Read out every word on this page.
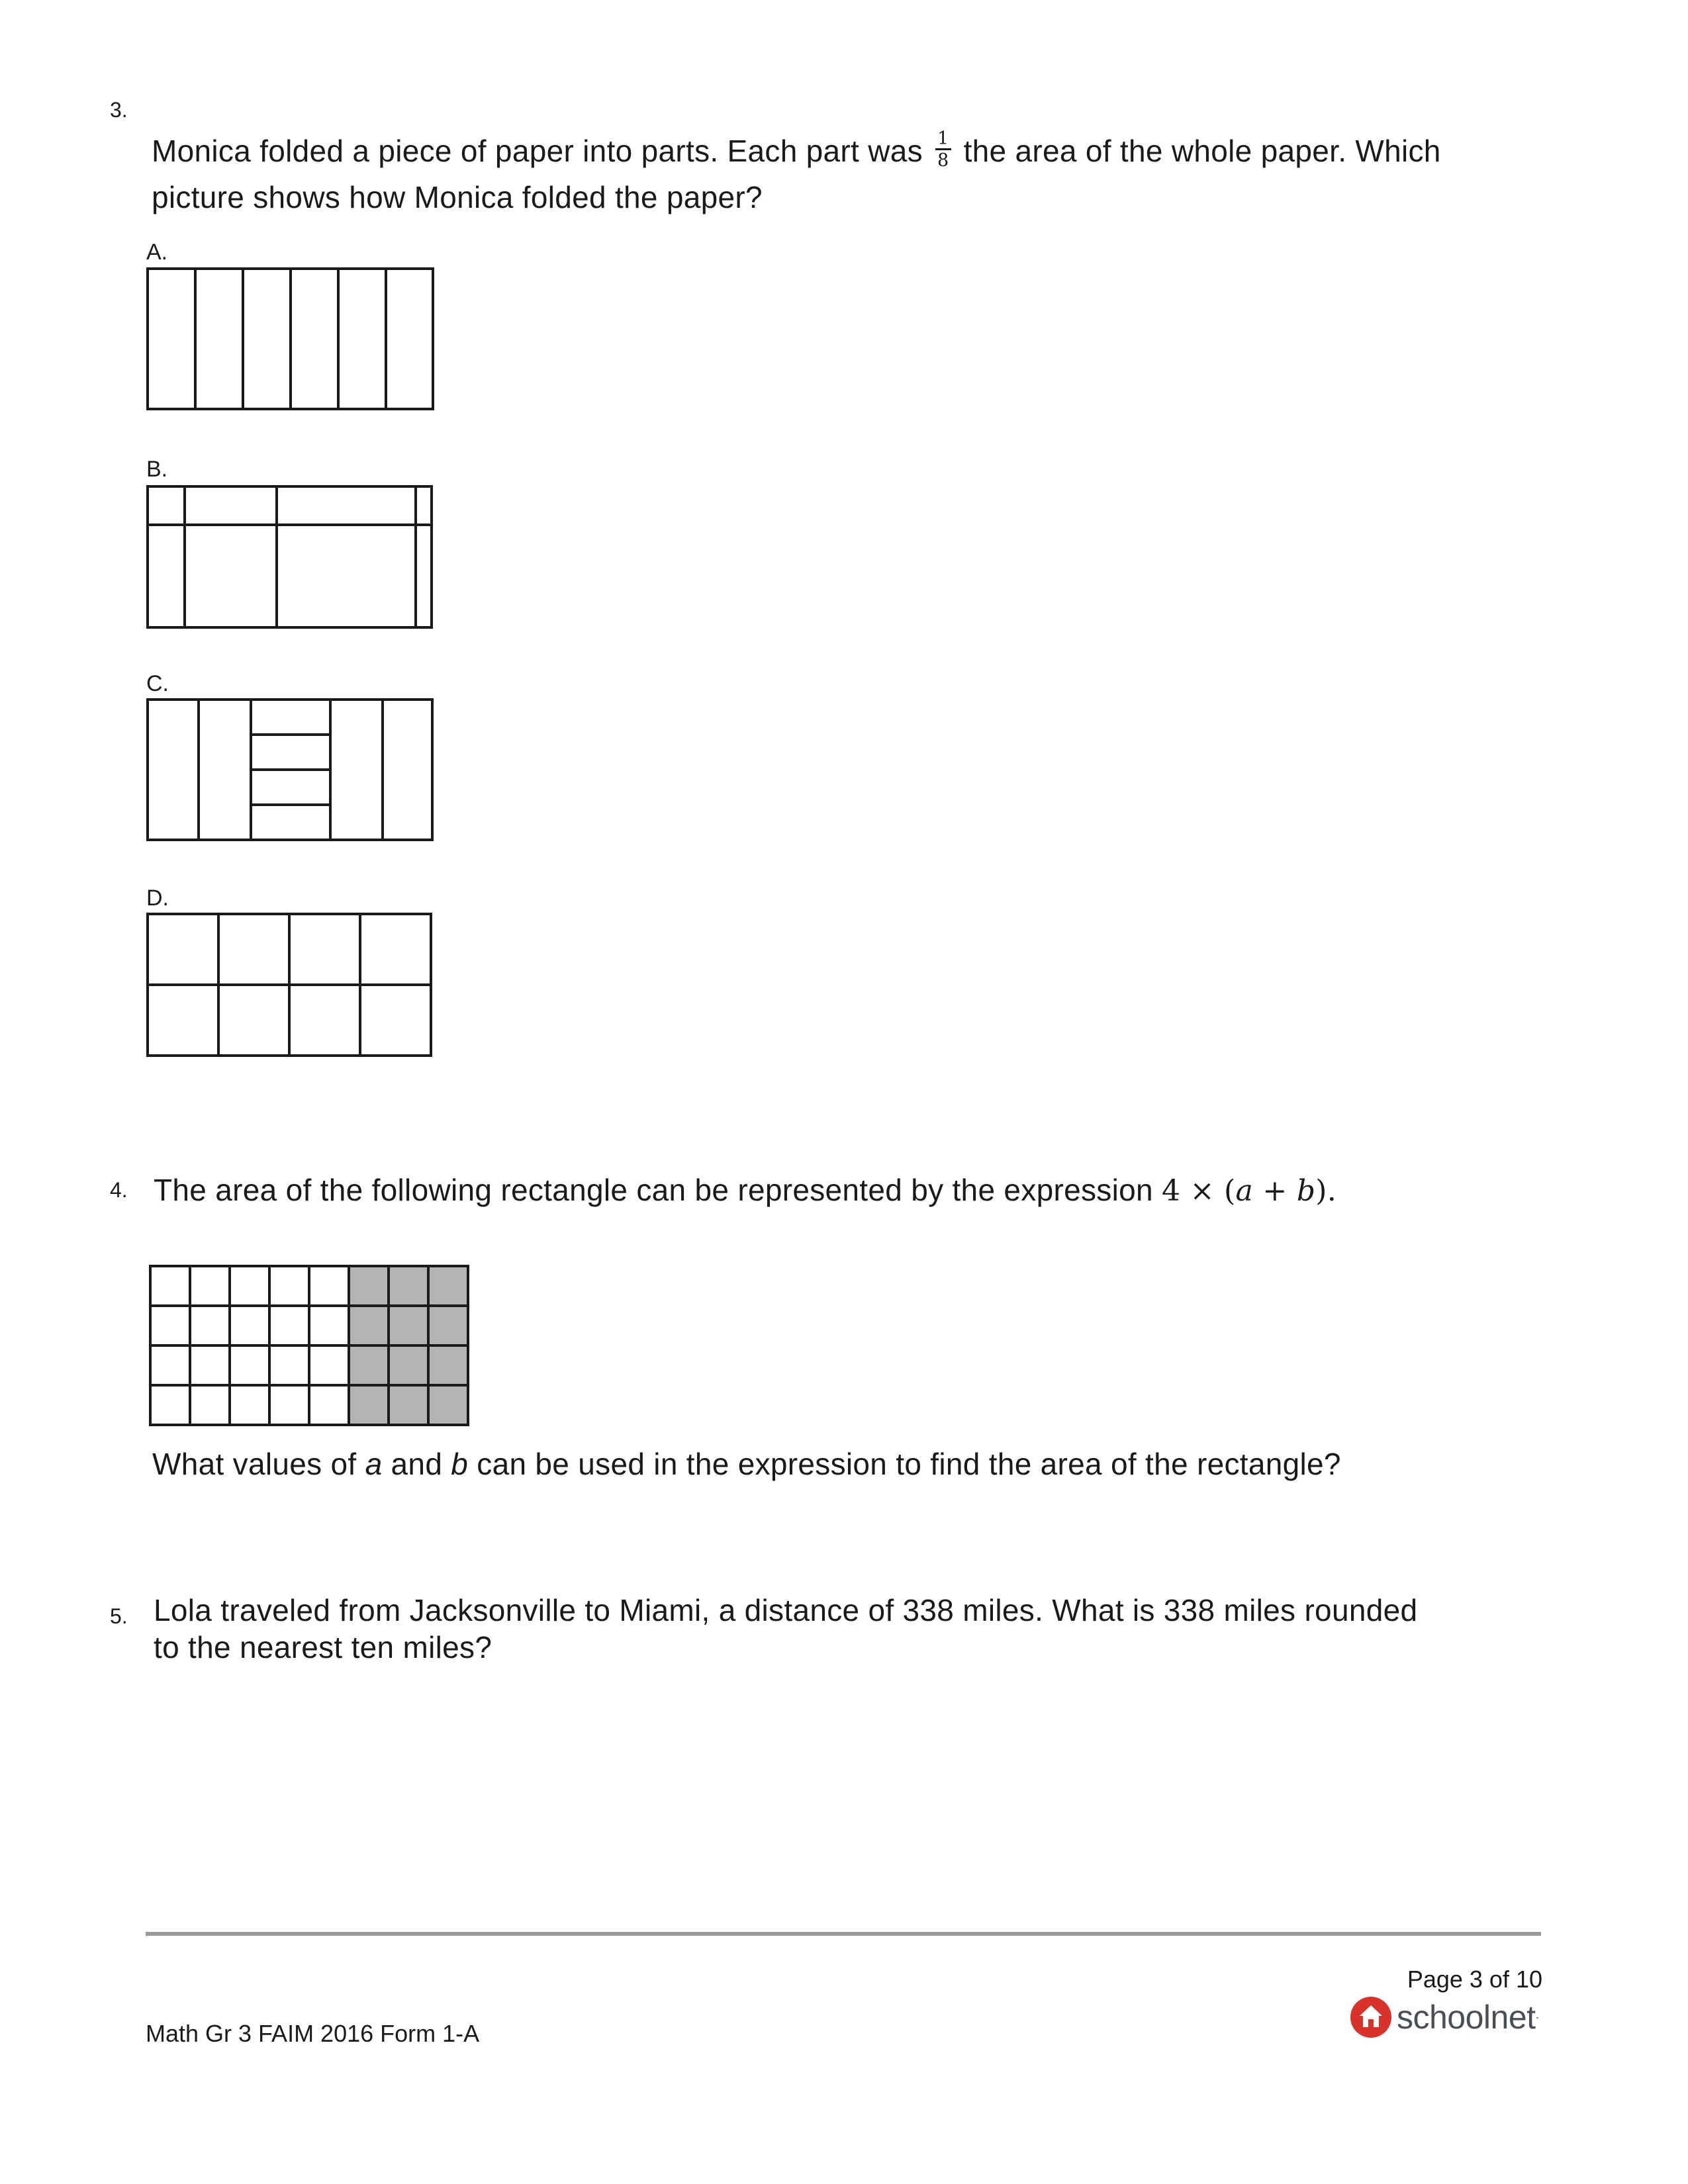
3.
Monica folded a piece of paper into parts. Each part was $\frac{1}{8}$ the area of the whole paper. Which
picture shows how Monica folded the paper?
A.
B.
C.
D.
4. The area of the following rectangle can be represented by the expression 4 × (a + b).
What values of a and b can be used in the expression to find the area of the rectangle?
5. Lola traveled from Jacksonville to Miami, a distance of 338 miles. What is 338 miles rounded
to the nearest ten miles?
Page 3 of 10
schoolnet ·
Math Gr 3 FAIM 2016 Form 1-A
